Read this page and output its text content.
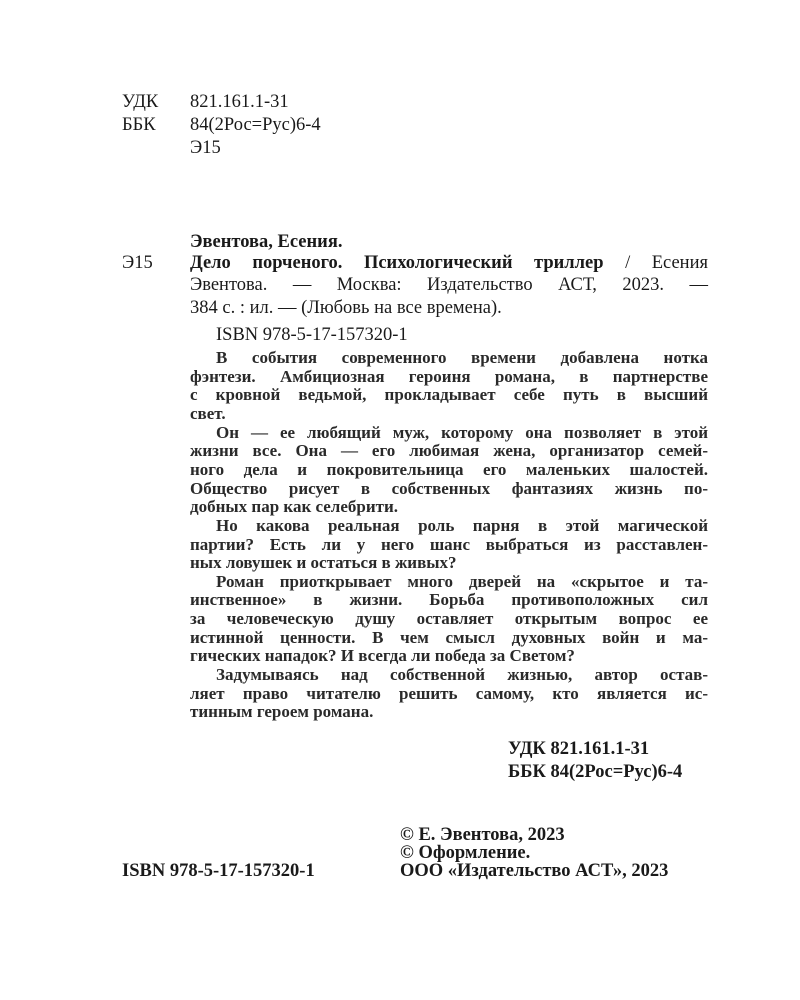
УДК 821.161.1-31
ББК 84(2Рос=Рус)6-4
Э15
Эвентова, Есения.
Э15 Дело порченого. Психологический триллер / Есения
Эвентова. — Москва: Издательство АСТ, 2023. —
384 с. : ил. — (Любовь на все времена).
ISBN 978-5-17-157320-1
В события современного времени добавлена нотка
фэнтези. Амбициозная героиня романа, в партнерстве
с кровной ведьмой, прокладывает себе путь в высший
свет.
Он — ее любящий муж, которому она позволяет в этой
жизни все. Она — его любимая жена, организатор семей-
ного дела и покровительница его маленьких шалостей.
Общество рисует в собственных фантазиях жизнь по-
добных пар как селебрити.
Но какова реальная роль парня в этой магической
партии? Есть ли у него шанс выбраться из расставлен-
ных ловушек и остаться в живых?
Роман приоткрывает много дверей на «скрытое и та-
инственное» в жизни. Борьба противоположных сил
за человеческую душу оставляет открытым вопрос ее
истинной ценности. В чем смысл духовных войн и ма-
гических нападок? И всегда ли победа за Светом?
Задумываясь над собственной жизнью, автор остав-
ляет право читателю решить самому, кто является ис-
тинным героем романа.
УДК 821.161.1-31
ББК 84(2Рос=Рус)6-4
© Е. Эвентова, 2023
© Оформление.
ООО «Издательство АСТ», 2023
ISBN 978-5-17-157320-1
